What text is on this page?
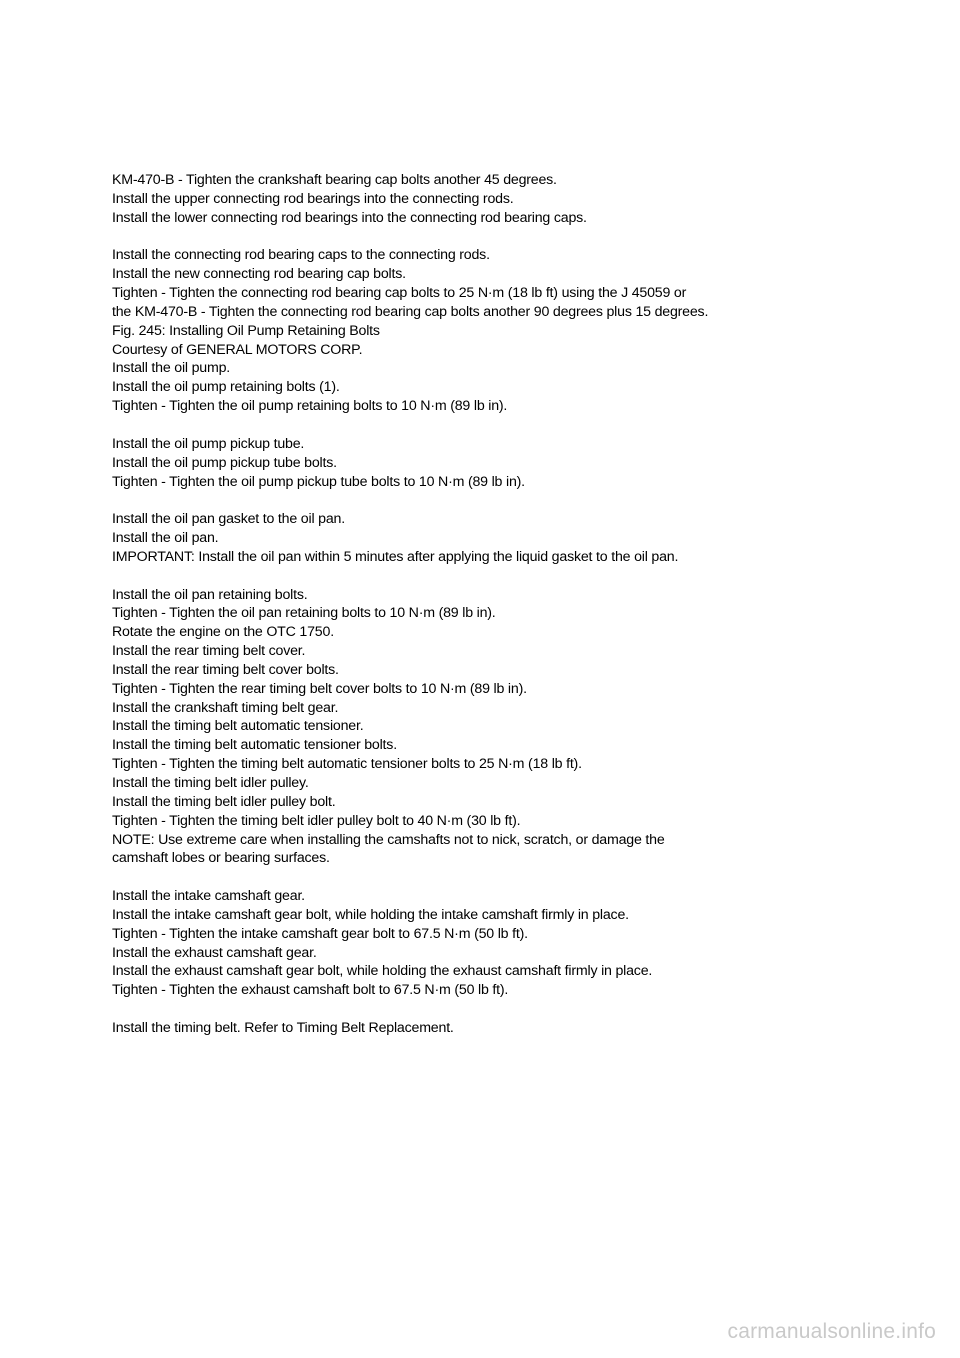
KM-470-B - Tighten the crankshaft bearing cap bolts another 45 degrees.
Install the upper connecting rod bearings into the connecting rods.
Install the lower connecting rod bearings into the connecting rod bearing caps.
Install the connecting rod bearing caps to the connecting rods.
Install the new connecting rod bearing cap bolts.
Tighten - Tighten the connecting rod bearing cap bolts to 25 N·m (18 lb ft) using the J 45059 or
the KM-470-B - Tighten the connecting rod bearing cap bolts another 90 degrees plus 15 degrees.
Fig. 245: Installing Oil Pump Retaining Bolts
Courtesy of GENERAL MOTORS CORP.
Install the oil pump.
Install the oil pump retaining bolts (1).
Tighten - Tighten the oil pump retaining bolts to 10 N·m (89 lb in).
Install the oil pump pickup tube.
Install the oil pump pickup tube bolts.
Tighten - Tighten the oil pump pickup tube bolts to 10 N·m (89 lb in).
Install the oil pan gasket to the oil pan.
Install the oil pan.
IMPORTANT: Install the oil pan within 5 minutes after applying the liquid gasket to the oil pan.
Install the oil pan retaining bolts.
Tighten - Tighten the oil pan retaining bolts to 10 N·m (89 lb in).
Rotate the engine on the OTC 1750.
Install the rear timing belt cover.
Install the rear timing belt cover bolts.
Tighten - Tighten the rear timing belt cover bolts to 10 N·m (89 lb in).
Install the crankshaft timing belt gear.
Install the timing belt automatic tensioner.
Install the timing belt automatic tensioner bolts.
Tighten - Tighten the timing belt automatic tensioner bolts to 25 N·m (18 lb ft).
Install the timing belt idler pulley.
Install the timing belt idler pulley bolt.
Tighten - Tighten the timing belt idler pulley bolt to 40 N·m (30 lb ft).
NOTE: Use extreme care when installing the camshafts not to nick, scratch, or damage the
camshaft lobes or bearing surfaces.
Install the intake camshaft gear.
Install the intake camshaft gear bolt, while holding the intake camshaft firmly in place.
Tighten - Tighten the intake camshaft gear bolt to 67.5 N·m (50 lb ft).
Install the exhaust camshaft gear.
Install the exhaust camshaft gear bolt, while holding the exhaust camshaft firmly in place.
Tighten - Tighten the exhaust camshaft bolt to 67.5 N·m (50 lb ft).
Install the timing belt. Refer to Timing Belt Replacement.
carmanualsonline.info
